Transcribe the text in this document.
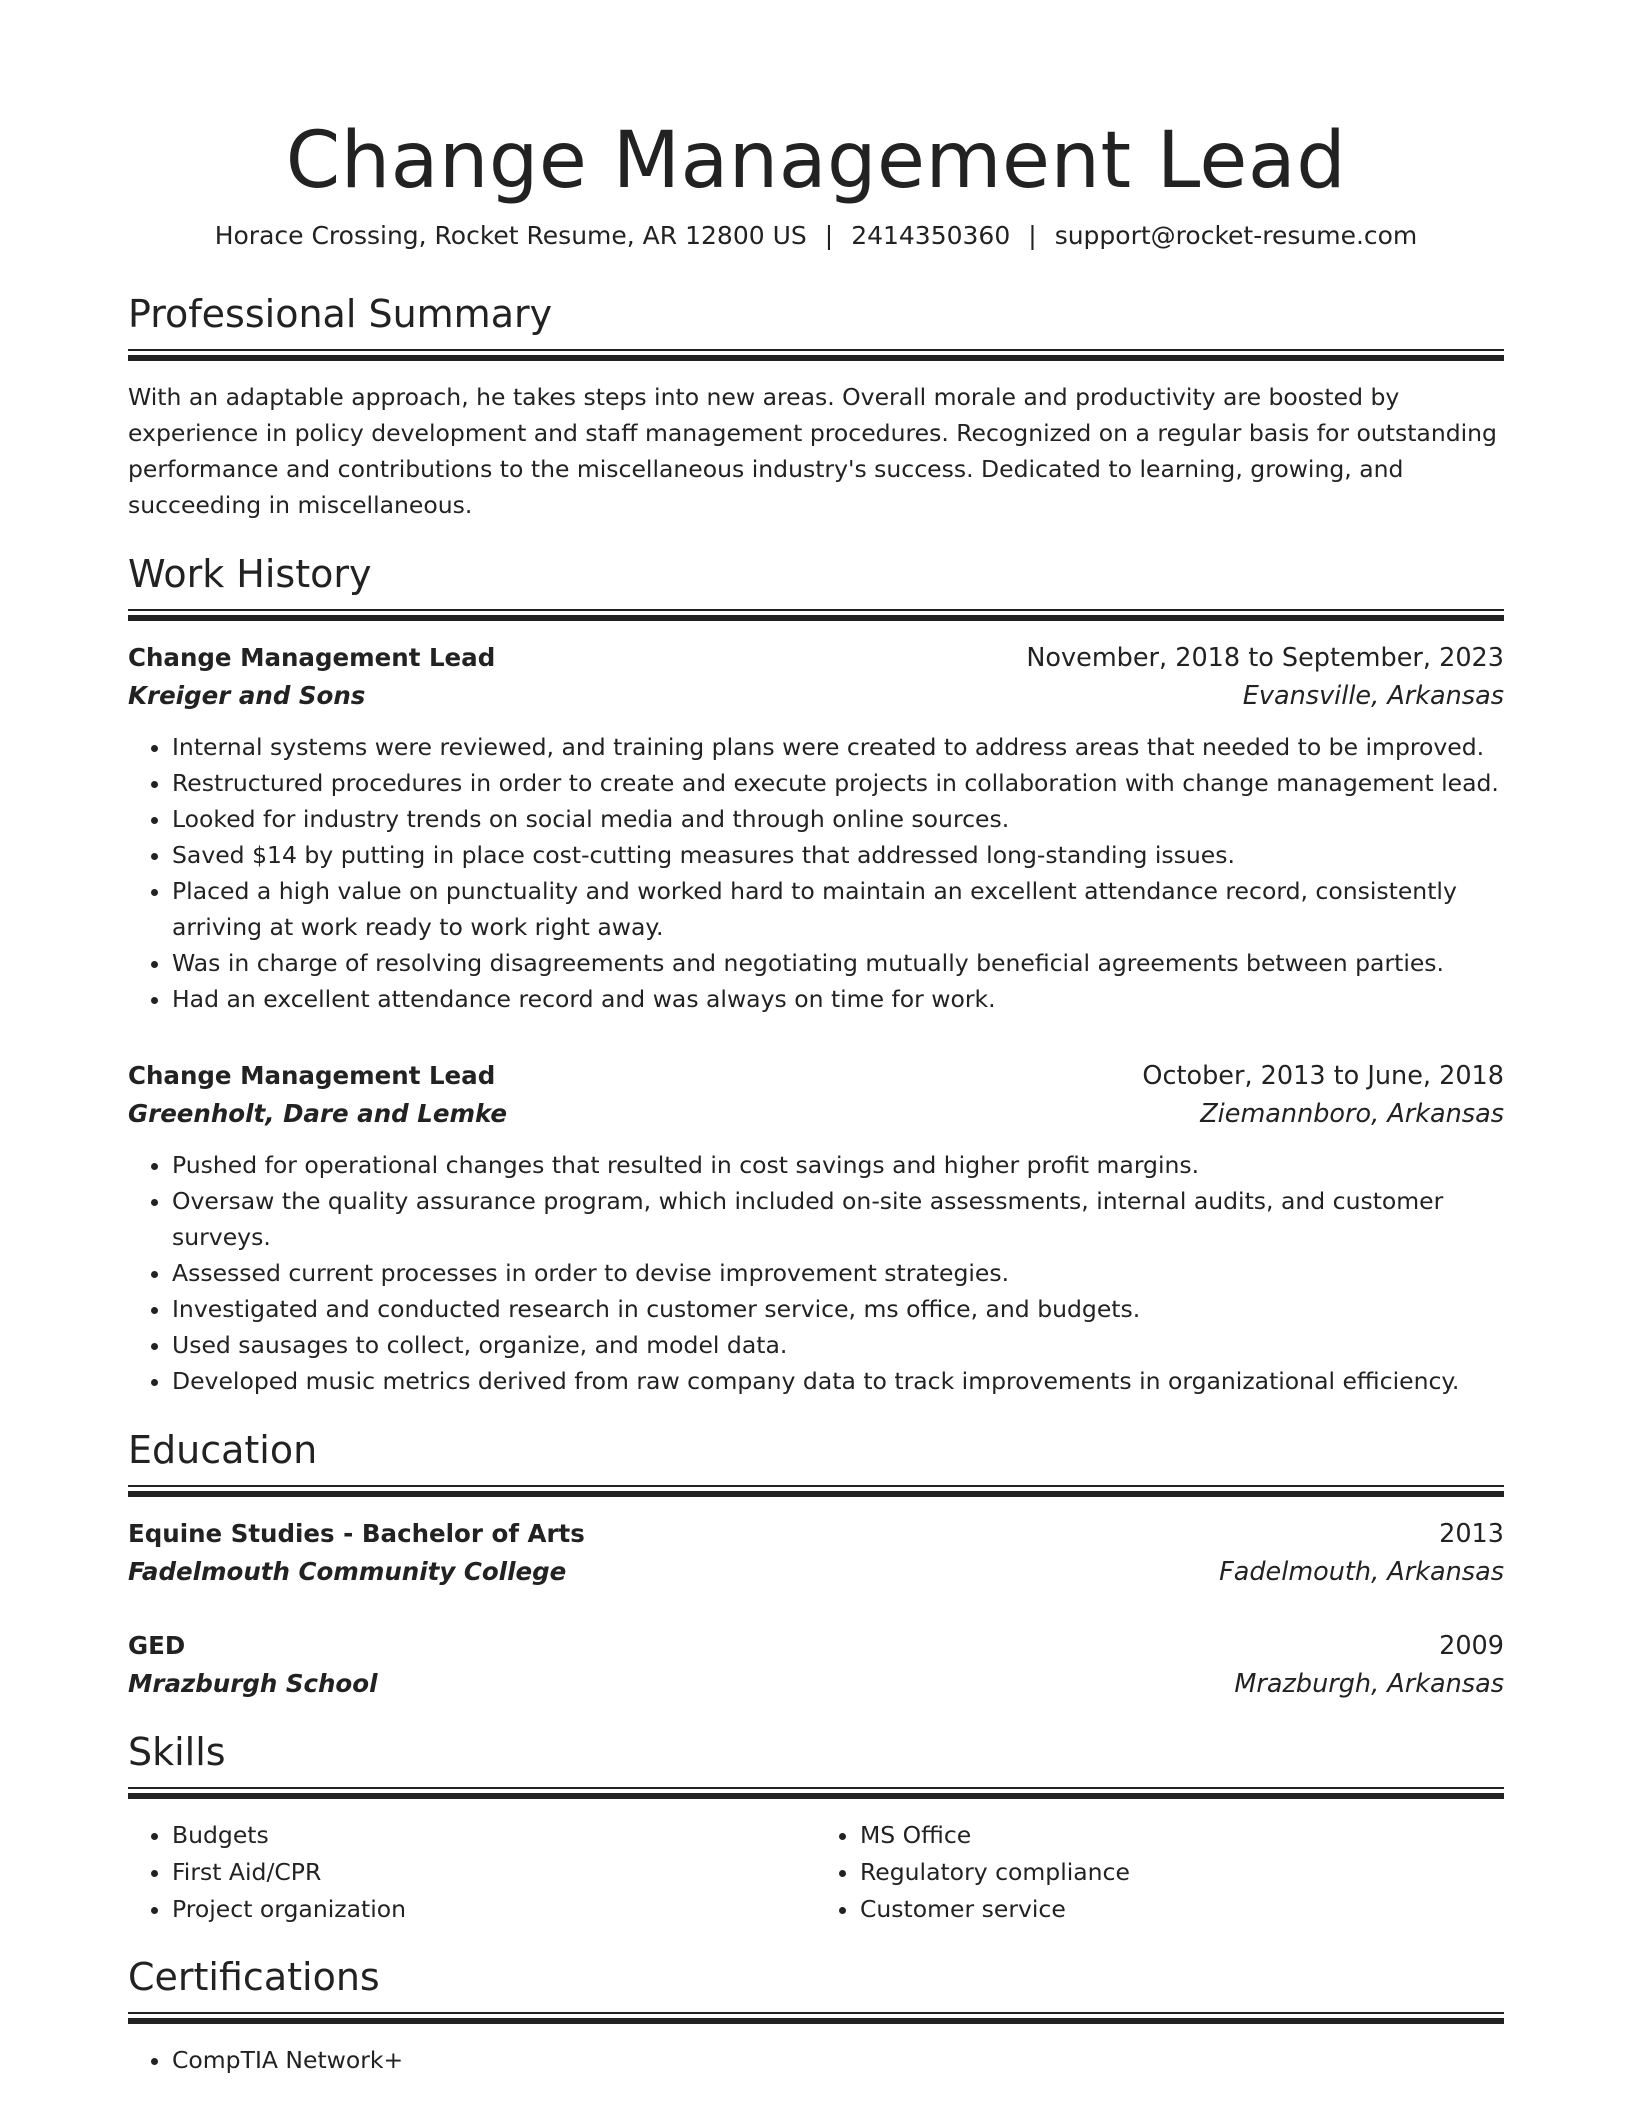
Change Management Lead
Horace Crossing, Rocket Resume, AR 12800 US | 2414350360 | support@rocket-resume.com
Professional Summary

With an adaptable approach, he takes steps into new areas. Overall morale and productivity are boosted by experience in policy development and staff management procedures. Recognized on a regular basis for outstanding performance and contributions to the miscellaneous industry's success. Dedicated to learning, growing, and succeeding in miscellaneous.

Work History
Change Management Lead	November, 2018 to September, 2023
Kreiger and Sons	Evansville, Arkansas
• Internal systems were reviewed, and training plans were created to address areas that needed to be improved.
• Restructured procedures in order to create and execute projects in collaboration with change management lead.
• Looked for industry trends on social media and through online sources.
• Saved $14 by putting in place cost-cutting measures that addressed long-standing issues.
• Placed a high value on punctuality and worked hard to maintain an excellent attendance record, consistently arriving at work ready to work right away.
• Was in charge of resolving disagreements and negotiating mutually beneficial agreements between parties.
• Had an excellent attendance record and was always on time for work.
Change Management Lead	October, 2013 to June, 2018
Greenholt, Dare and Lemke	Ziemannboro, Arkansas
• Pushed for operational changes that resulted in cost savings and higher profit margins.
• Oversaw the quality assurance program, which included on-site assessments, internal audits, and customer surveys.
• Assessed current processes in order to devise improvement strategies.
• Investigated and conducted research in customer service, ms office, and budgets.
• Used sausages to collect, organize, and model data.
• Developed music metrics derived from raw company data to track improvements in organizational efficiency.
Education
Equine Studies - Bachelor of Arts	2013
Fadelmouth Community College	Fadelmouth, Arkansas
GED	2009
Mrazburgh School	Mrazburgh, Arkansas
Skills
• Budgets
• First Aid/CPR
• Project organization
• MS Office
• Regulatory compliance
• Customer service
Certifications
• CompTIA Network+
